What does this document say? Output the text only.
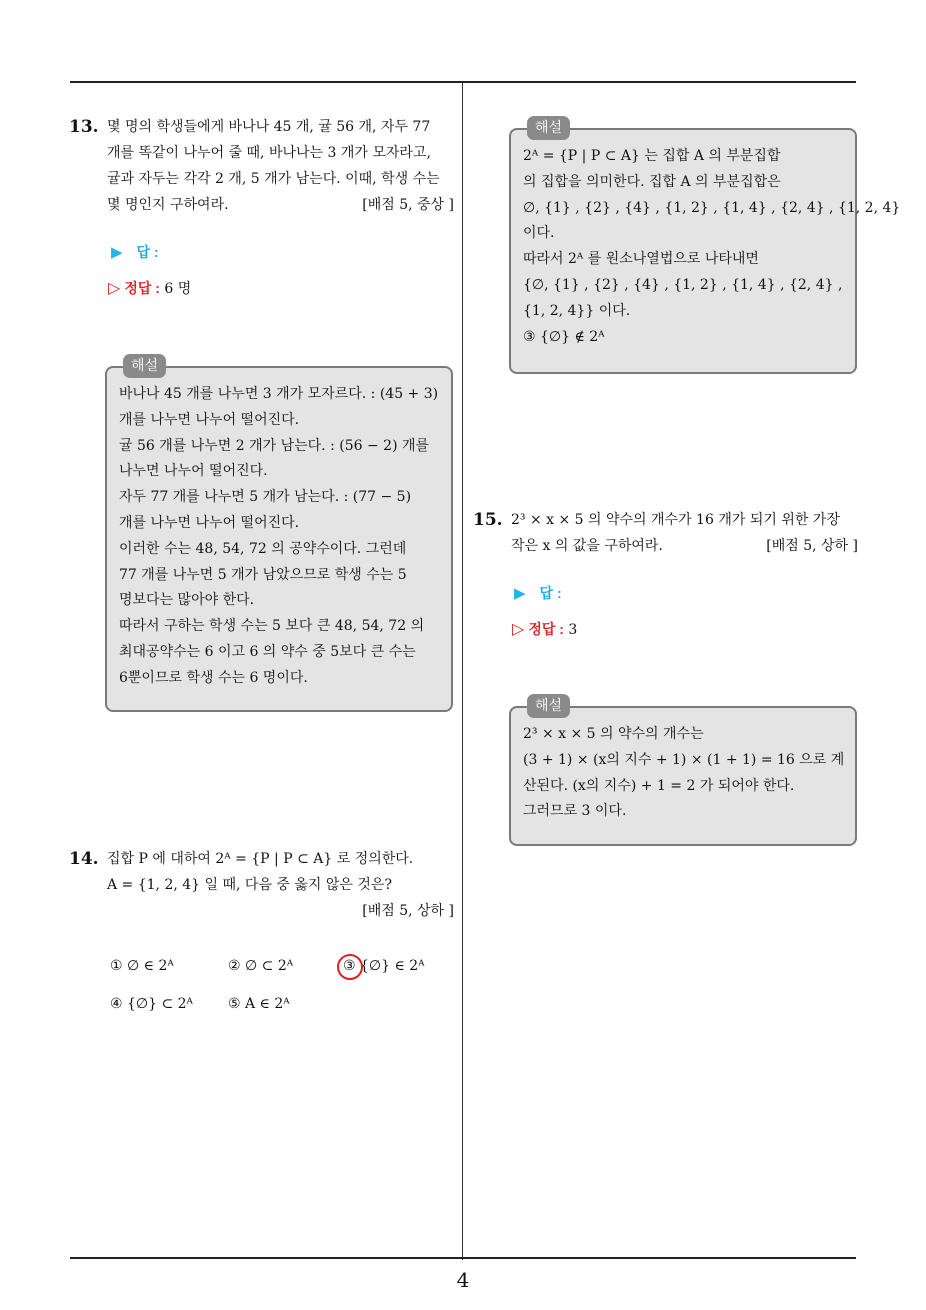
4
13. 몇 명의 학생들에게 바나나 45 개, 귤 56 개, 자두 77
개를 똑같이 나누어 줄 때, 바나나는 3 개가 모자라고,
귤과 자두는 각각 2 개, 5 개가 남는다. 이때, 학생 수는
몇 명인지 구하여라.	[배점 5, 중상 ]
▶ 답 :
▷ 정답 : 6 명
해설
바나나 45 개를 나누면 3 개가 모자르다. : (45 + 3)
개를 나누면 나누어 떨어진다.
귤 56 개를 나누면 2 개가 남는다. : (56 − 2) 개를
나누면 나누어 떨어진다.
자두 77 개를 나누면 5 개가 남는다. : (77 − 5)
개를 나누면 나누어 떨어진다.
이러한 수는 48, 54, 72 의 공약수이다. 그런데
77 개를 나누면 5 개가 남았으므로 학생 수는 5
명보다는 많아야 한다.
따라서 구하는 학생 수는 5 보다 큰 48, 54, 72 의
최대공약수는 6 이고 6 의 약수 중 5보다 큰 수는
6뿐이므로 학생 수는 6 명이다.
14. 집합 P 에 대하여 2ᴬ = {P | P ⊂ A} 로 정의한다.
A = {1, 2, 4} 일 때, 다음 중 옳지 않은 것은?
[배점 5, 상하 ]
① ∅ ∈ 2ᴬ	② ∅ ⊂ 2ᴬ	③ {∅} ∈ 2ᴬ
④ {∅} ⊂ 2ᴬ	⑤ A ∈ 2ᴬ
해설
2ᴬ = {P | P ⊂ A} 는 집합 A 의 부분집합
의 집합을 의미한다. 집합 A 의 부분집합은
∅, {1} , {2} , {4} , {1, 2} , {1, 4} , {2, 4} , {1, 2, 4}
이다.
따라서 2ᴬ 를 원소나열법으로 나타내면
{∅, {1} , {2} , {4} , {1, 2} , {1, 4} , {2, 4} ,
{1, 2, 4}} 이다.
③ {∅} ∉ 2ᴬ
15. 2³ × x × 5 의 약수의 개수가 16 개가 되기 위한 가장
작은 x 의 값을 구하여라.	[배점 5, 상하 ]
▶ 답 :
▷ 정답 : 3
해설
2³ × x × 5 의 약수의 개수는
(3 + 1) × (x의 지수 + 1) × (1 + 1) = 16 으로 계
산된다. (x의 지수) + 1 = 2 가 되어야 한다.
그러므로 3 이다.
